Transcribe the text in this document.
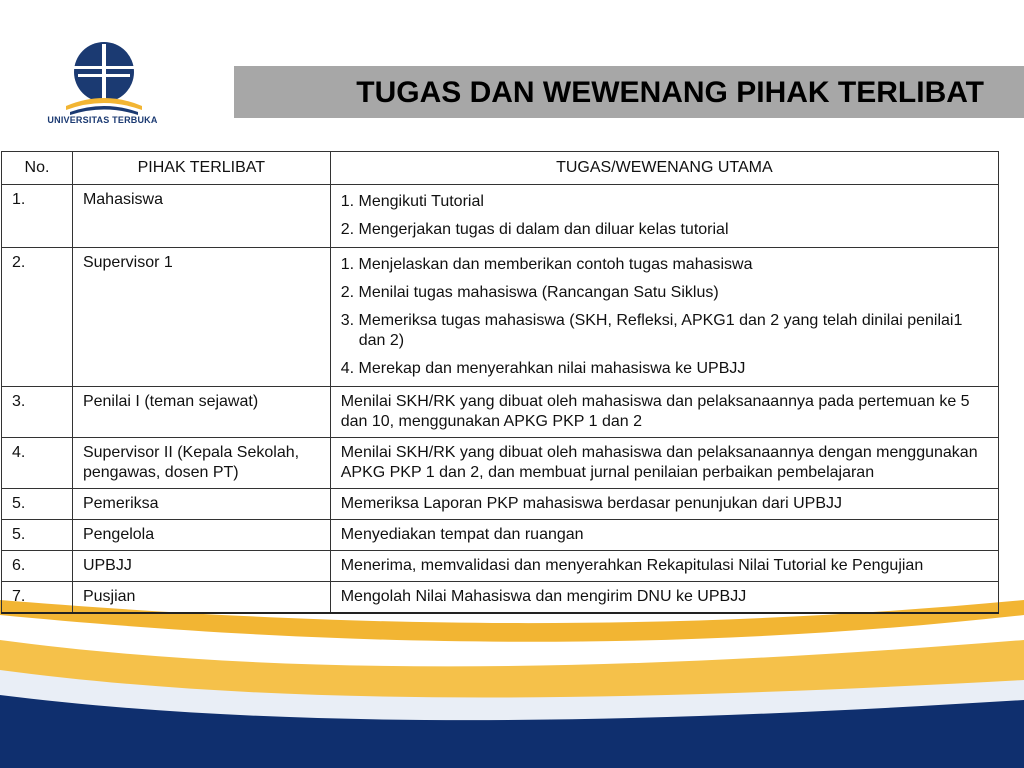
UNIVERSITAS TERBUKA
TUGAS DAN WEWENANG PIHAK TERLIBAT
No.	PIHAK TERLIBAT	TUGAS/WEWENANG UTAMA
1.	Mahasiswa	1. Mengikuti Tutorial
2. Mengerjakan tugas di dalam dan diluar kelas tutorial

2.	Supervisor 1	1. Menjelaskan dan memberikan contoh tugas mahasiswa
2. Menilai tugas mahasiswa (Rancangan Satu Siklus)
3. Memeriksa tugas mahasiswa (SKH, Refleksi, APKG1 dan 2 yang telah dinilai penilai1 dan 2)
4. Merekap dan menyerahkan nilai mahasiswa ke UPBJJ

3.	Penilai I (teman sejawat)	Menilai SKH/RK yang dibuat oleh mahasiswa dan pelaksanaannya pada pertemuan ke 5 dan 10, menggunakan APKG PKP 1 dan 2
4.	Supervisor II (Kepala Sekolah, pengawas, dosen PT)	Menilai SKH/RK yang dibuat oleh mahasiswa dan pelaksanaannya dengan menggunakan APKG PKP 1 dan 2, dan membuat jurnal penilaian perbaikan pembelajaran
5.	Pemeriksa	Memeriksa Laporan PKP mahasiswa berdasar penunjukan dari UPBJJ
5.	Pengelola	Menyediakan tempat dan ruangan
6.	UPBJJ	Menerima, memvalidasi dan menyerahkan Rekapitulasi Nilai Tutorial ke Pengujian
7.	Pusjian	Mengolah Nilai Mahasiswa dan mengirim DNU ke UPBJJ
